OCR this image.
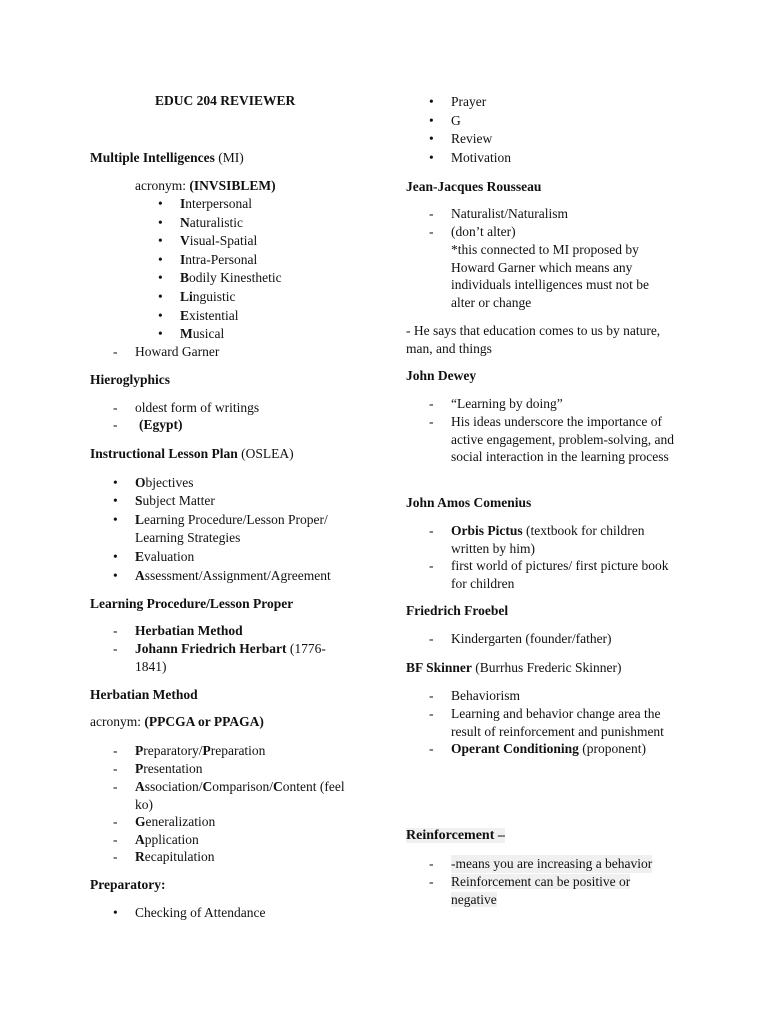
EDUC 204 REVIEWER
Multiple Intelligences (MI)
acronym: (INVSIBLEM)
• Interpersonal
• Naturalistic
• Visual-Spatial
• Intra-Personal
• Bodily Kinesthetic
• Linguistic
• Existential
• Musical
- Howard Garner
Hieroglyphics
- oldest form of writings
- (Egypt)
Instructional Lesson Plan (OSLEA)
• Objectives
• Subject Matter
• Learning Procedure/Lesson Proper/ Learning Strategies
• Evaluation
• Assessment/Assignment/Agreement
Learning Procedure/Lesson Proper
- Herbatian Method
- Johann Friedrich Herbart (1776-1841)
Herbatian Method
acronym: (PPCGA or PPAGA)
- Preparatory/Preparation
- Presentation
- Association/Comparison/Content (feel ko)
- Generalization
- Application
- Recapitulation
Preparatory:
• Checking of Attendance
• Prayer
• G
• Review
• Motivation
Jean-Jacques Rousseau
- Naturalist/Naturalism
- (don’t alter)
*this connected to MI proposed by Howard Garner which means any individuals intelligences must not be alter or change
- He says that education comes to us by nature, man, and things
John Dewey
- “Learning by doing”
- His ideas underscore the importance of active engagement, problem-solving, and social interaction in the learning process
John Amos Comenius
- Orbis Pictus (textbook for children written by him)
- first world of pictures/ first picture book for children
Friedrich Froebel
- Kindergarten (founder/father)
BF Skinner (Burrhus Frederic Skinner)
- Behaviorism
- Learning and behavior change area the result of reinforcement and punishment
- Operant Conditioning (proponent)
Reinforcement –
- -means you are increasing a behavior
- Reinforcement can be positive or negative
